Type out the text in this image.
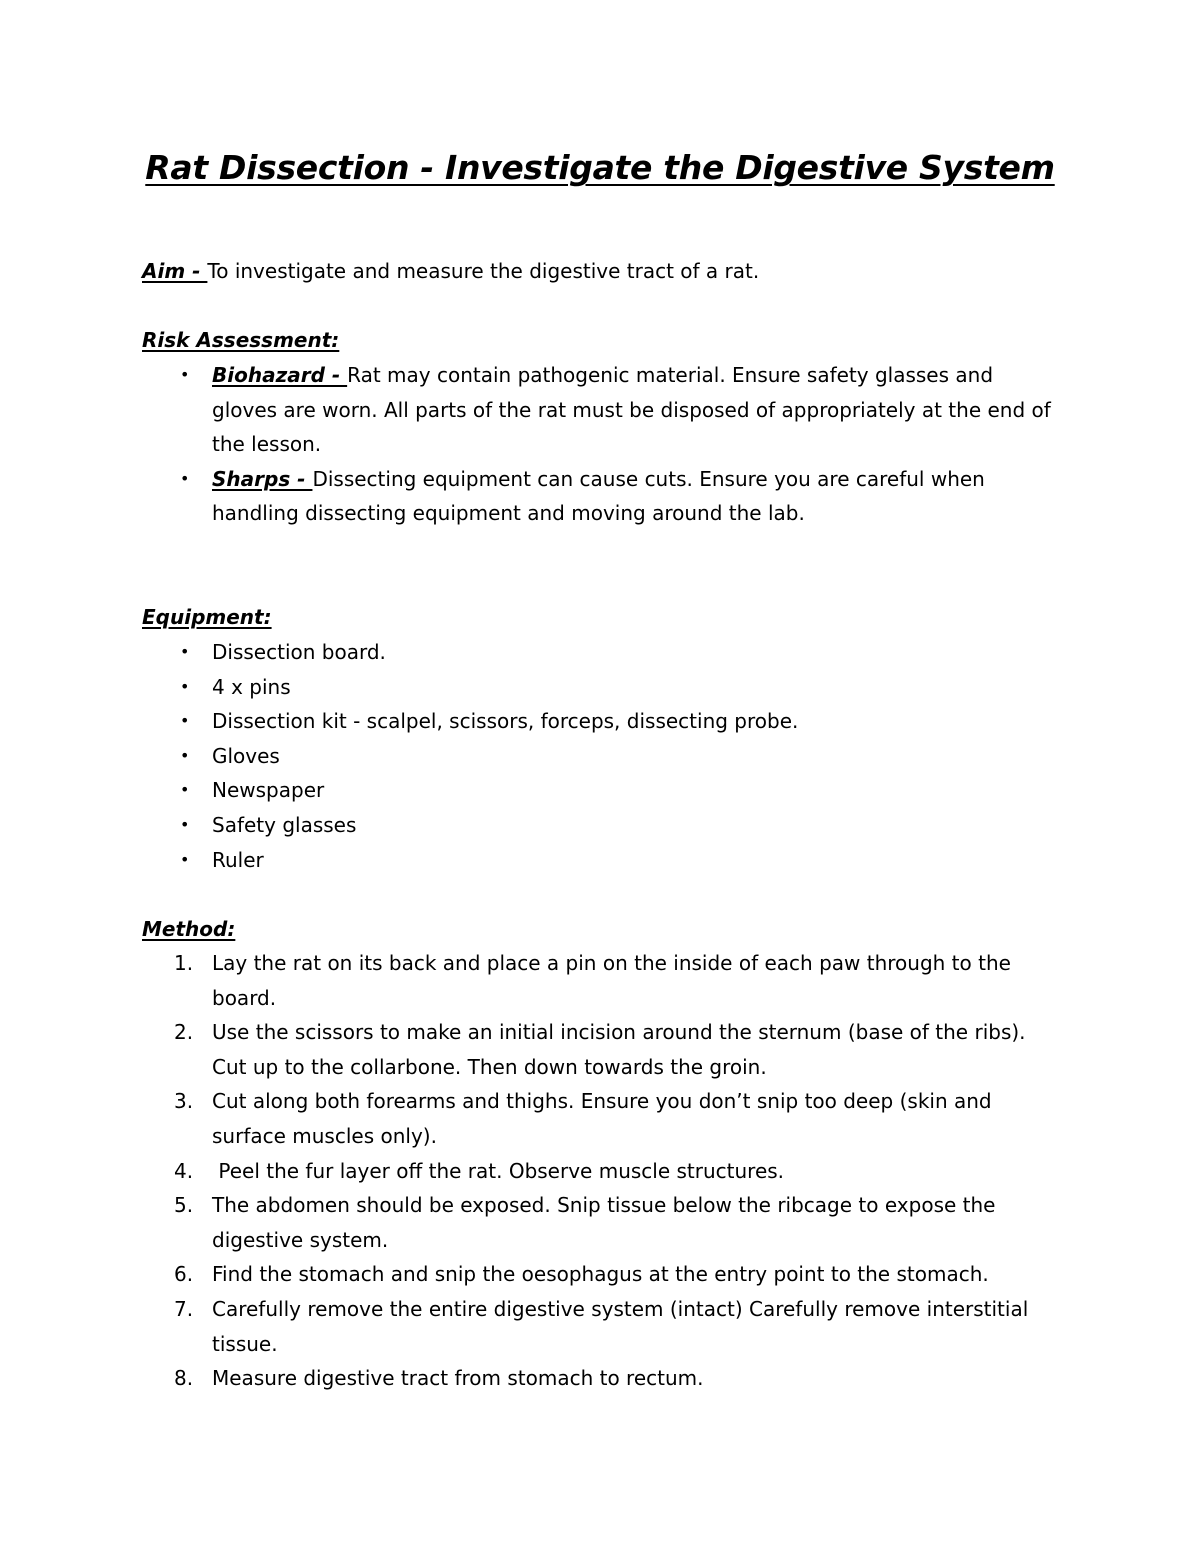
Rat Dissection - Investigate the Digestive System
Aim - To investigate and measure the digestive tract of a rat.
Risk Assessment:
• Biohazard - Rat may contain pathogenic material. Ensure safety glasses and gloves are worn. All parts of the rat must be disposed of appropriately at the end of the lesson.
• Sharps - Dissecting equipment can cause cuts. Ensure you are careful when handling dissecting equipment and moving around the lab.
Equipment:
• Dissection board.
• 4 x pins
• Dissection kit - scalpel, scissors, forceps, dissecting probe.
• Gloves
• Newspaper
• Safety glasses
• Ruler
Method:
1. Lay the rat on its back and place a pin on the inside of each paw through to the board.
2. Use the scissors to make an initial incision around the sternum (base of the ribs). Cut up to the collarbone. Then down towards the groin.
3. Cut along both forearms and thighs. Ensure you don’t snip too deep (skin and surface muscles only).
4. Peel the fur layer off the rat. Observe muscle structures.
5. The abdomen should be exposed. Snip tissue below the ribcage to expose the digestive system.
6. Find the stomach and snip the oesophagus at the entry point to the stomach.
7. Carefully remove the entire digestive system (intact) Carefully remove interstitial tissue.
8. Measure digestive tract from stomach to rectum.
